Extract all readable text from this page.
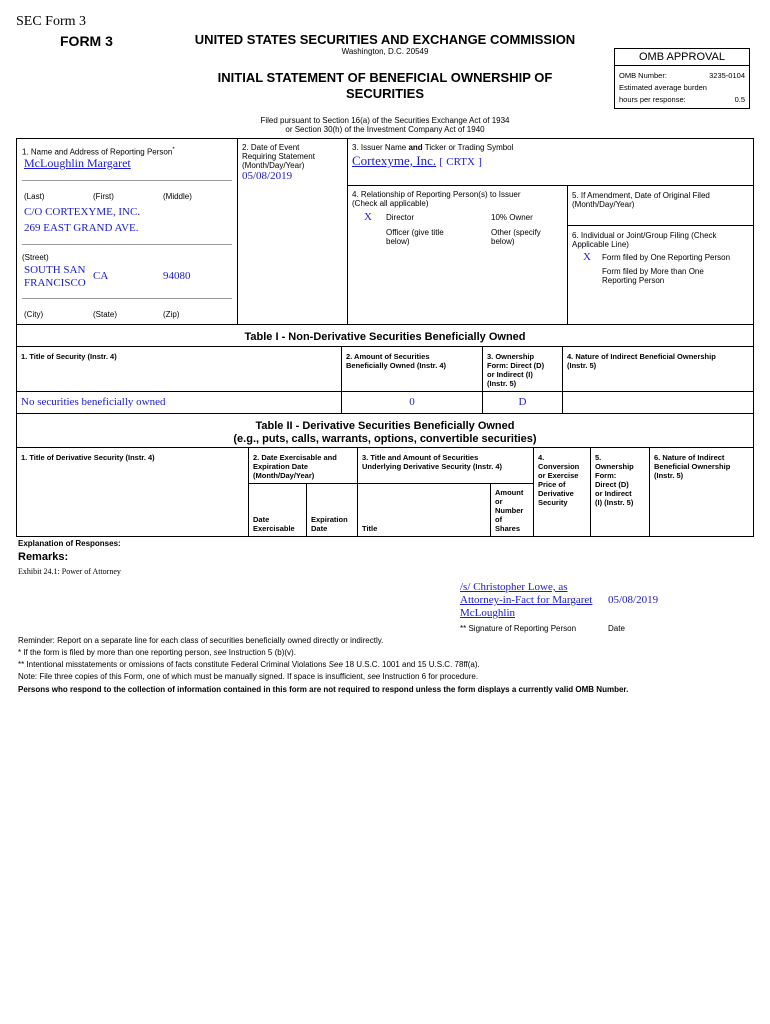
SEC Form 3
FORM 3	UNITED STATES SECURITIES AND EXCHANGE COMMISSION
Washington, D.C. 20549	OMB APPROVAL
OMB Number:	3235-0104
Estimated average burden
hours per response:	0.5
INITIAL STATEMENT OF BENEFICIAL OWNERSHIP OF
SECURITIES
Filed pursuant to Section 16(a) of the Securities Exchange Act of 1934
or Section 30(h) of the Investment Company Act of 1940
1. Name and Address of Reporting Person*
McLoughlin Margaret
(Last)	(First)	(Middle)
C/O CORTEXYME, INC.
269 EAST GRAND AVE.
(Street)
SOUTH SAN
FRANCISCO
CA	94080
(City)	(State)	(Zip)
2. Date of Event
Requiring Statement
(Month/Day/Year)
05/08/2019
3. Issuer Name and Ticker or Trading Symbol
Cortexyme, Inc. [ CRTX ]
4. Relationship of Reporting Person(s) to Issuer
(Check all applicable)
X Director	10% Owner
Officer (give title
below)
Other (specify
below)
5. If Amendment, Date of Original Filed
(Month/Day/Year)
6. Individual or Joint/Group Filing (Check
Applicable Line)
X Form filed by One Reporting Person
Form filed by More than One
Reporting Person
Table I - Non-Derivative Securities Beneficially Owned
1. Title of Security (Instr. 4)	2. Amount of Securities
Beneficially Owned (Instr. 4)
3. Ownership
Form: Direct (D)
or Indirect (I)
(Instr. 5)
4. Nature of Indirect Beneficial Ownership
(Instr. 5)
No securities beneficially owned	0	D
Table II - Derivative Securities Beneficially Owned
(e.g., puts, calls, warrants, options, convertible securities)
1. Title of Derivative Security (Instr. 4)	2. Date Exercisable and
Expiration Date
(Month/Day/Year)
3. Title and Amount of Securities
Underlying Derivative Security (Instr. 4)
4.
Conversion
or Exercise
Price of
Derivative
Security
5.
Ownership
Form:
Direct (D)
or Indirect
(I) (Instr. 5)
6. Nature of Indirect
Beneficial Ownership
(Instr. 5)
Date
Exercisable
Expiration
Date	Title
Amount
or
Number
of
Shares
Explanation of Responses:
Remarks:
Exhibit 24.1: Power of Attorney
/s/ Christopher Lowe, as
Attorney-in-Fact for Margaret
McLoughlin
05/08/2019
** Signature of Reporting Person	Date
Reminder: Report on a separate line for each class of securities beneficially owned directly or indirectly.
* If the form is filed by more than one reporting person, see Instruction 5 (b)(v).
** Intentional misstatements or omissions of facts constitute Federal Criminal Violations See 18 U.S.C. 1001 and 15 U.S.C. 78ff(a).
Note: File three copies of this Form, one of which must be manually signed. If space is insufficient, see Instruction 6 for procedure.
Persons who respond to the collection of information contained in this form are not required to respond unless the form displays a currently valid OMB Number.
